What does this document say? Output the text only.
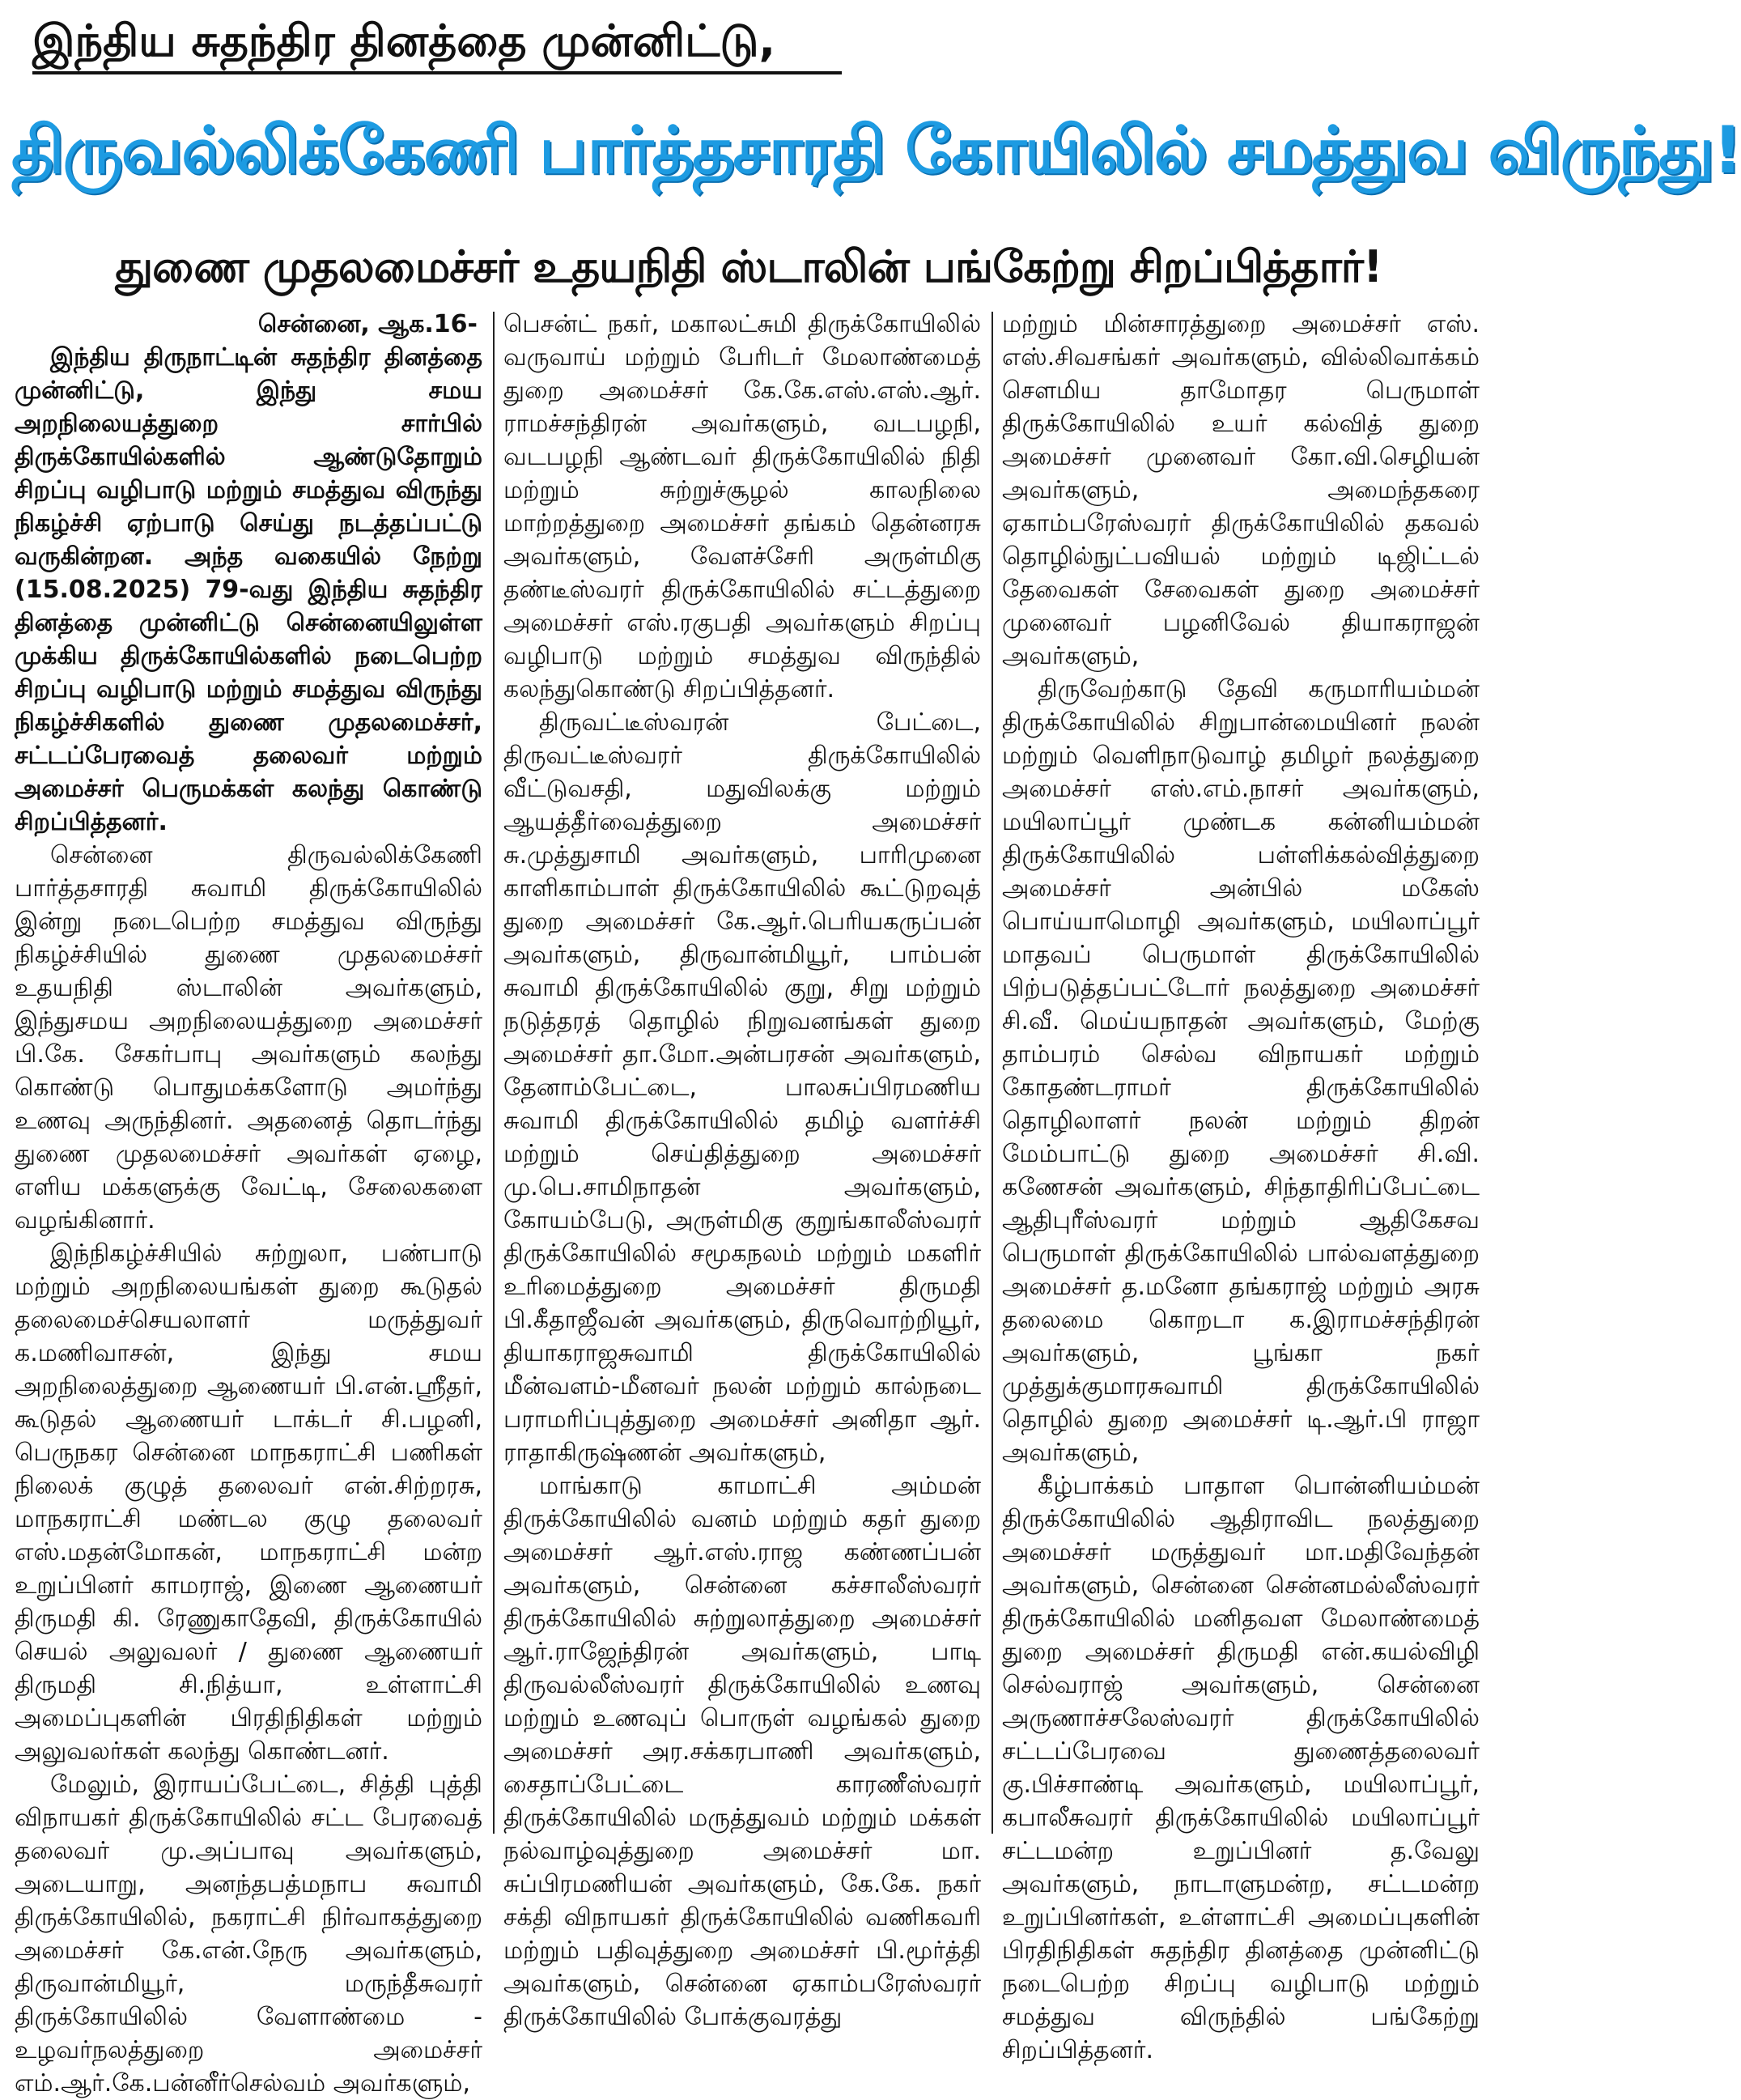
இந்திய சுதந்திர தினத்தை முன்னிட்டு,
திருவல்லிக்கேணி பார்த்தசாரதி கோயிலில் சமத்துவ விருந்து!
துணை முதலமைச்சர் உதயநிதி ஸ்டாலின் பங்கேற்று சிறப்பித்தார்!

சென்னை, ஆக.16-

இந்திய திருநாட்டின் சுதந்திர தினத்தை முன்னிட்டு, இந்து சமய அறநிலையத்துறை சார்பில் திருக்கோயில்களில் ஆண்டுதோறும் சிறப்பு வழிபாடு மற்றும் சமத்துவ விருந்து நிகழ்ச்சி ஏற்பாடு செய்து நடத்தப்பட்டு வருகின்றன. அந்த வகையில் நேற்று (15.08.2025) 79-வது இந்திய சுதந்திர தினத்தை முன்னிட்டு சென்னையிலுள்ள முக்கிய திருக்கோயில்களில் நடைபெற்ற சிறப்பு வழிபாடு மற்றும் சமத்துவ விருந்து நிகழ்ச்சிகளில் துணை முதலமைச்சர், சட்டப்பேரவைத் தலைவர் மற்றும் அமைச்சர் பெருமக்கள் கலந்து கொண்டு சிறப்பித்தனர்.

சென்னை திருவல்லிக்கேணி பார்த்தசாரதி சுவாமி திருக்கோயிலில் இன்று நடைபெற்ற சமத்துவ விருந்து நிகழ்ச்சியில் துணை முதலமைச்சர் உதயநிதி ஸ்டாலின் அவர்களும், இந்துசமய அறநிலையத்துறை அமைச்சர் பி.கே. சேகர்பாபு அவர்களும் கலந்து கொண்டு பொதுமக்களோடு அமர்ந்து உணவு அருந்தினர். அதனைத் தொடர்ந்து துணை முதலமைச்சர் அவர்கள் ஏழை, எளிய மக்களுக்கு வேட்டி, சேலைகளை வழங்கினார்.

இந்நிகழ்ச்சியில் சுற்றுலா, பண்பாடு மற்றும் அறநிலையங்கள் துறை கூடுதல் தலைமைச்செயலாளர் மருத்துவர் க.மணிவாசன், இந்து சமய அறநிலைத்துறை ஆணையர் பி.என்.ஸ்ரீதர், கூடுதல் ஆணையர் டாக்டர் சி.பழனி, பெருநகர சென்னை மாநகராட்சி பணிகள் நிலைக் குழுத் தலைவர் என்.சிற்றரசு, மாநகராட்சி மண்டல குழு தலைவர் எஸ்.மதன்மோகன், மாநகராட்சி மன்ற உறுப்பினர் காமராஜ், இணை ஆணையர் திருமதி கி. ரேணுகாதேவி, திருக்கோயில் செயல் அலுவலர் / துணை ஆணையர் திருமதி சி.நித்யா, உள்ளாட்சி அமைப்புகளின் பிரதிநிதிகள் மற்றும் அலுவலர்கள் கலந்து கொண்டனர்.

மேலும், இராயப்பேட்டை, சித்தி புத்தி விநாயகர் திருக்கோயிலில் சட்ட பேரவைத் தலைவர் மு.அப்பாவு அவர்களும், அடையாறு, அனந்தபத்மநாப சுவாமி திருக்கோயிலில், நகராட்சி நிர்வாகத்துறை அமைச்சர் கே.என்.நேரு அவர்களும், திருவான்மியூர், மருந்தீசுவரர் திருக்கோயிலில் வேளாண்மை - உழவர்நலத்துறை அமைச்சர் எம்.ஆர்.கே.பன்னீர்செல்வம் அவர்களும்,

பெசன்ட் நகர், மகாலட்சுமி திருக்கோயிலில் வருவாய் மற்றும் பேரிடர் மேலாண்மைத் துறை அமைச்சர் கே.கே.எஸ்.எஸ்.ஆர். ராமச்சந்திரன் அவர்களும், வடபழநி, வடபழநி ஆண்டவர் திருக்கோயிலில் நிதி மற்றும் சுற்றுச்சூழல் காலநிலை மாற்றத்துறை அமைச்சர் தங்கம் தென்னரசு அவர்களும், வேளச்சேரி அருள்மிகு தண்டீஸ்வரர் திருக்கோயிலில் சட்டத்துறை அமைச்சர் எஸ்.ரகுபதி அவர்களும் சிறப்பு வழிபாடு மற்றும் சமத்துவ விருந்தில் கலந்துகொண்டு சிறப்பித்தனர்.

திருவட்டீஸ்வரன் பேட்டை, திருவட்டீஸ்வரர் திருக்கோயிலில் வீட்டுவசதி, மதுவிலக்கு மற்றும் ஆயத்தீர்வைத்துறை அமைச்சர் சு.முத்துசாமி அவர்களும், பாரிமுனை காளிகாம்பாள் திருக்கோயிலில் கூட்டுறவுத் துறை அமைச்சர் கே.ஆர்.பெரியகருப்பன் அவர்களும், திருவான்மியூர், பாம்பன் சுவாமி திருக்கோயிலில் குறு, சிறு மற்றும் நடுத்தரத் தொழில் நிறுவனங்கள் துறை அமைச்சர் தா.மோ.அன்பரசன் அவர்களும், தேனாம்பேட்டை, பாலசுப்பிரமணிய சுவாமி திருக்கோயிலில் தமிழ் வளர்ச்சி மற்றும் செய்தித்துறை அமைச்சர் மு.பெ.சாமிநாதன் அவர்களும், கோயம்பேடு, அருள்மிகு குறுங்காலீஸ்வரர் திருக்கோயிலில் சமூகநலம் மற்றும் மகளிர் உரிமைத்துறை அமைச்சர் திருமதி பி.கீதாஜீவன் அவர்களும், திருவொற்றியூர், தியாகராஜசுவாமி திருக்கோயிலில் மீன்வளம்-மீனவர் நலன் மற்றும் கால்நடை பராமரிப்புத்துறை அமைச்சர் அனிதா ஆர். ராதாகிருஷ்ணன் அவர்களும்,

மாங்காடு காமாட்சி அம்மன் திருக்கோயிலில் வனம் மற்றும் கதர் துறை அமைச்சர் ஆர்.எஸ்.ராஜ கண்ணப்பன் அவர்களும், சென்னை கச்சாலீஸ்வரர் திருக்கோயிலில் சுற்றுலாத்துறை அமைச்சர் ஆர்.ராஜேந்திரன் அவர்களும், பாடி திருவல்லீஸ்வரர் திருக்கோயிலில் உணவு மற்றும் உணவுப் பொருள் வழங்கல் துறை அமைச்சர் அர.சக்கரபாணி அவர்களும், சைதாப்பேட்டை காரணீஸ்வரர் திருக்கோயிலில் மருத்துவம் மற்றும் மக்கள் நல்வாழ்வுத்துறை அமைச்சர் மா. சுப்பிரமணியன் அவர்களும், கே.கே. நகர் சக்தி விநாயகர் திருக்கோயிலில் வணிகவரி மற்றும் பதிவுத்துறை அமைச்சர் பி.மூர்த்தி அவர்களும், சென்னை ஏகாம்பரேஸ்வரர் திருக்கோயிலில் போக்குவரத்து

மற்றும் மின்சாரத்துறை அமைச்சர் எஸ். எஸ்.சிவசங்கர் அவர்களும், வில்லிவாக்கம் சௌமிய தாமோதர பெருமாள் திருக்கோயிலில் உயர் கல்வித் துறை அமைச்சர் முனைவர் கோ.வி.செழியன் அவர்களும், அமைந்தகரை ஏகாம்பரேஸ்வரர் திருக்கோயிலில் தகவல் தொழில்நுட்பவியல் மற்றும் டிஜிட்டல் தேவைகள் சேவைகள் துறை அமைச்சர் முனைவர் பழனிவேல் தியாகராஜன் அவர்களும்,

திருவேற்காடு தேவி கருமாரியம்மன் திருக்கோயிலில் சிறுபான்மையினர் நலன் மற்றும் வெளிநாடுவாழ் தமிழர் நலத்துறை அமைச்சர் எஸ்.எம்.நாசர் அவர்களும், மயிலாப்பூர் முண்டக கன்னியம்மன் திருக்கோயிலில் பள்ளிக்கல்வித்துறை அமைச்சர் அன்பில் மகேஸ் பொய்யாமொழி அவர்களும், மயிலாப்பூர் மாதவப் பெருமாள் திருக்கோயிலில் பிற்படுத்தப்பட்டோர் நலத்துறை அமைச்சர் சி.வீ. மெய்யநாதன் அவர்களும், மேற்கு தாம்பரம் செல்வ விநாயகர் மற்றும் கோதண்டராமர் திருக்கோயிலில் தொழிலாளர் நலன் மற்றும் திறன் மேம்பாட்டு துறை அமைச்சர் சி.வி. கணேசன் அவர்களும், சிந்தாதிரிப்பேட்டை ஆதிபுரீஸ்வரர் மற்றும் ஆதிகேசவ பெருமாள் திருக்கோயிலில் பால்வளத்துறை அமைச்சர் த.மனோ தங்கராஜ் மற்றும் அரசு தலைமை கொறடா க.இராமச்சந்திரன் அவர்களும், பூங்கா நகர் முத்துக்குமாரசுவாமி திருக்கோயிலில் தொழில் துறை அமைச்சர் டி.ஆர்.பி ராஜா அவர்களும்,

கீழ்பாக்கம் பாதாள பொன்னியம்மன் திருக்கோயிலில் ஆதிராவிட நலத்துறை அமைச்சர் மருத்துவர் மா.மதிவேந்தன் அவர்களும், சென்னை சென்னமல்லீஸ்வரர் திருக்கோயிலில் மனிதவள மேலாண்மைத் துறை அமைச்சர் திருமதி என்.கயல்விழி செல்வராஜ் அவர்களும், சென்னை அருணாச்சலேஸ்வரர் திருக்கோயிலில் சட்டப்பேரவை துணைத்தலைவர் கு.பிச்சாண்டி அவர்களும், மயிலாப்பூர், கபாலீசுவரர் திருக்கோயிலில் மயிலாப்பூர் சட்டமன்ற உறுப்பினர் த.வேலு அவர்களும், நாடாளுமன்ற, சட்டமன்ற உறுப்பினர்கள், உள்ளாட்சி அமைப்புகளின் பிரதிநிதிகள் சுதந்திர தினத்தை முன்னிட்டு நடைபெற்ற சிறப்பு வழிபாடு மற்றும் சமத்துவ விருந்தில் பங்கேற்று சிறப்பித்தனர்.
